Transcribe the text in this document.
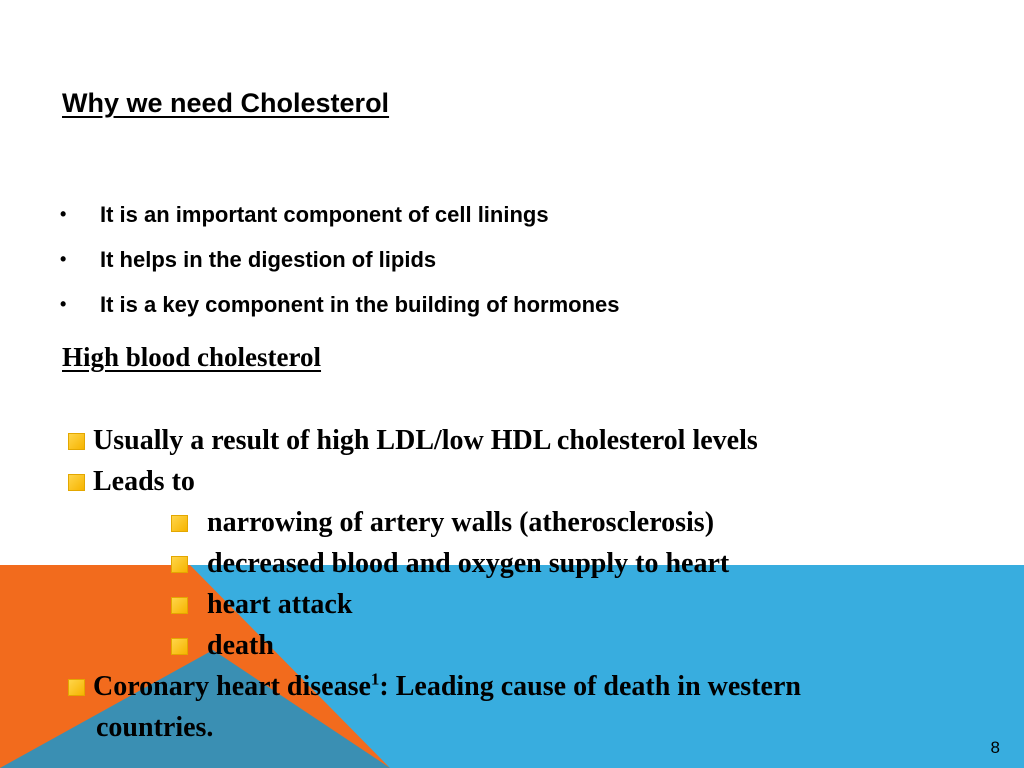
Why we need Cholesterol
•	It is an important component of cell linings
•	It helps in the digestion of lipids
•	It is a key component in the building of hormones
High blood cholesterol
Usually a result of high LDL/low HDL cholesterol levels
Leads to
narrowing of artery walls (atherosclerosis)
decreased blood and oxygen supply to heart
heart attack
death
Coronary heart disease$^1$: Leading cause of death in western
countries.
8
